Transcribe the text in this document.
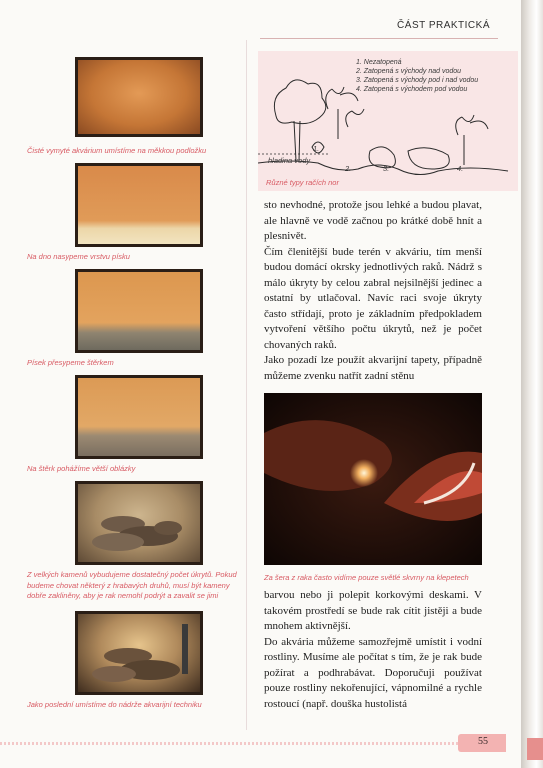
ČÁST PRAKTICKÁ
Čisté vymyté akvárium umístíme na měkkou podložku
Na dno nasypeme vrstvu písku
Písek přesypeme štěrkem
Na štěrk pohážíme větší oblázky
Z velkých kamenů vybudujeme dostatečný počet úkrytů. Pokud budeme chovat některý z hrabavých druhů, musí být kameny dobře zakliněny, aby je rak nemohl podrýt a zavalit se jimi
Jako poslední umístíme do nádrže akvarijní techniku
1. Nezatopená
2. Zatopená s východy nad vodou
3. Zatopená s východy pod i nad vodou
4. Zatopená s východem pod vodou
hladina vody
1.
2.	3.	4.
Různé typy račích nor

sto nevhodné, protože jsou lehké a budou plavat, ale hlavně ve vodě začnou po krátké době hnít a plesnivět.

Čím členitější bude terén v akváriu, tím menší budou domácí okrsky jednotlivých raků. Nádrž s málo úkryty by celou zabral nejsilnější jedinec a ostatní by utlačoval. Navíc raci svoje úkryty často střídají, proto je základním předpokladem vytvoření většího počtu úkrytů, než je počet chovaných raků.

Jako pozadí lze použít akvarijní tapety, případně můžeme zvenku natřít zadní stěnu

Za šera z raka často vidíme pouze světlé skvrny na klepetech

barvou nebo ji polepit korkovými deskami. V takovém prostředí se bude rak cítit jistěji a bude mnohem aktivnější.

Do akvária můžeme samozřejmě umístit i vodní rostliny. Musíme ale počítat s tím, že je rak bude požírat a podhrabávat. Doporučuji používat pouze rostliny nekořenující, vápnomilné a rychle rostoucí (např. douška hustolistá

55
